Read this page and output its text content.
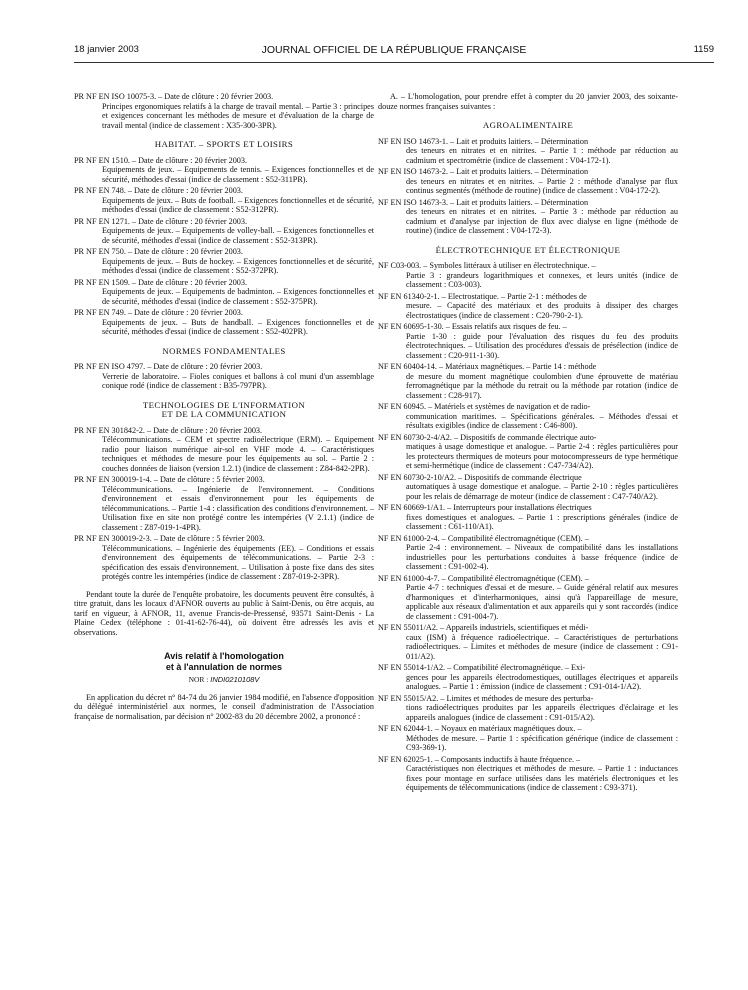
18 janvier 2003	JOURNAL OFFICIEL DE LA RÉPUBLIQUE FRANÇAISE	1159
PR NF EN ISO 10075-3. – Date de clôture : 20 février 2003.
Principes ergonomiques relatifs à la charge de travail mental. – Partie 3 : principes et exigences concernant les méthodes de mesure et d'évaluation de la charge de travail mental (indice de classement : X35-300-3PR).
HABITAT. – SPORTS ET LOISIRS
PR NF EN 1510. – Date de clôture : 20 février 2003.
Equipements de jeux. – Equipements de tennis. – Exigences fonctionnelles et de sécurité, méthodes d'essai (indice de classement : S52-311PR).
PR NF EN 748. – Date de clôture : 20 février 2003.
Equipements de jeux. – Buts de football. – Exigences fonctionnelles et de sécurité, méthodes d'essai (indice de classement : S52-312PR).
PR NF EN 1271. – Date de clôture : 20 février 2003.
Equipements de jeux. – Equipements de volley-ball. – Exigences fonctionnelles et de sécurité, méthodes d'essai (indice de classement : S52-313PR).
PR NF EN 750. – Date de clôture : 20 février 2003.
Equipements de jeux. – Buts de hockey. – Exigences fonctionnelles et de sécurité, méthodes d'essai (indice de classement : S52-372PR).
PR NF EN 1509. – Date de clôture : 20 février 2003.
Equipements de jeux. – Equipements de badminton. – Exigences fonctionnelles et de sécurité, méthodes d'essai (indice de classement : S52-375PR).
PR NF EN 749. – Date de clôture : 20 février 2003.
Equipements de jeux. – Buts de handball. – Exigences fonctionnelles et de sécurité, méthodes d'essai (indice de classement : S52-402PR).
NORMES FONDAMENTALES
PR NF EN ISO 4797. – Date de clôture : 20 février 2003.
Verrerie de laboratoire. – Fioles coniques et ballons à col muni d'un assemblage conique rodé (indice de classement : B35-797PR).
TECHNOLOGIES DE L'INFORMATION
ET DE LA COMMUNICATION
PR NF EN 301842-2. – Date de clôture : 20 février 2003.
Télécommunications. – CEM et spectre radioélectrique (ERM). – Equipement radio pour liaison numérique air-sol en VHF mode 4. – Caractéristiques techniques et méthodes de mesure pour les équipements au sol. – Partie 2 : couches données de liaison (version 1.2.1) (indice de classement : Z84-842-2PR).
PR NF EN 300019-1-4. – Date de clôture : 5 février 2003.
Télécommunications. – Ingénierie de l'environnement. – Conditions d'environnement et essais d'environnement pour les équipements de télécommunications. – Partie 1-4 : classification des conditions d'environnement. – Utilisation fixe en site non protégé contre les intempéries (V 2.1.1) (indice de classement : Z87-019-1-4PR).
PR NF EN 300019-2-3. – Date de clôture : 5 février 2003.
Télécommunications. – Ingénierie des équipements (EE). – Conditions et essais d'environnement des équipements de télécommunications. – Partie 2-3 : spécification des essais d'environnement. – Utilisation à poste fixe dans des sites protégés contre les intempéries (indice de classement : Z87-019-2-3PR).

Pendant toute la durée de l'enquête probatoire, les documents peuvent être consultés, à titre gratuit, dans les locaux d'AFNOR ouverts au public à Saint-Denis, ou être acquis, au tarif en vigueur, à AFNOR, 11, avenue Francis-de-Pressensé, 93571 Saint-Denis - La Plaine Cedex (téléphone : 01-41-62-76-44), où doivent être adressés les avis et observations.

Avis relatif à l'homologation
et à l'annulation de normes
NOR : INDI0210108V

En application du décret n° 84-74 du 26 janvier 1984 modifié, en l'absence d'opposition du délégué interministériel aux normes, le conseil d'administration de l'Association française de normalisation, par décision n° 2002-83 du 20 décembre 2002, a prononcé :

A. – L'homologation, pour prendre effet à compter du 20 janvier 2003, des soixante-douze normes françaises suivantes :

AGROALIMENTAIRE
NF EN ISO 14673-1. – Lait et produits laitiers. – Détermination
des teneurs en nitrates et en nitrites. – Partie 1 : méthode par réduction au cadmium et spectrométrie (indice de classement : V04-172-1).
NF EN ISO 14673-2. – Lait et produits laitiers. – Détermination
des teneurs en nitrates et en nitrites. – Partie 2 : méthode d'analyse par flux continus segmentés (méthode de routine) (indice de classement : V04-172-2).
NF EN ISO 14673-3. – Lait et produits laitiers. – Détermination
des teneurs en nitrates et en nitrites. – Partie 3 : méthode par réduction au cadmium et d'analyse par injection de flux avec dialyse en ligne (méthode de routine) (indice de classement : V04-172-3).
ÉLECTROTECHNIQUE ET ÉLECTRONIQUE
NF C03-003. – Symboles littéraux à utiliser en électrotechnique. –
Partie 3 : grandeurs logarithmiques et connexes, et leurs unités (indice de classement : C03-003).
NF EN 61340-2-1. – Electrostatique. – Partie 2-1 : méthodes de
mesure. – Capacité des matériaux et des produits à dissiper des charges électrostatiques (indice de classement : C20-790-2-1).
NF EN 60695-1-30. – Essais relatifs aux risques de feu. –
Partie 1-30 : guide pour l'évaluation des risques du feu des produits électrotechniques. – Utilisation des procédures d'essais de présélection (indice de classement : C20-911-1-30).
NF EN 60404-14. – Matériaux magnétiques. – Partie 14 : méthode
de mesure du moment magnétique coulombien d'une éprouvette de matériau ferromagnétique par la méthode du retrait ou la méthode par rotation (indice de classement : C28-917).
NF EN 60945. – Matériels et systèmes de navigation et de radio-
communication maritimes. – Spécifications générales. – Méthodes d'essai et résultats exigibles (indice de classement : C46-800).
NF EN 60730-2-4/A2. – Dispositifs de commande électrique auto-
matiques à usage domestique et analogue. – Partie 2-4 : règles particulières pour les protecteurs thermiques de moteurs pour motocompresseurs de type hermétique et semi-hermétique (indice de classement : C47-734/A2).
NF EN 60730-2-10/A2. – Dispositifs de commande électrique
automatiques à usage domestique et analogue. – Partie 2-10 : règles particulières pour les relais de démarrage de moteur (indice de classement : C47-740/A2).
NF EN 60669-1/A1. – Interrupteurs pour installations électriques
fixes domestiques et analogues. – Partie 1 : prescriptions générales (indice de classement : C61-110/A1).
NF EN 61000-2-4. – Compatibilité électromagnétique (CEM). –
Partie 2-4 : environnement. – Niveaux de compatibilité dans les installations industrielles pour les perturbations conduites à basse fréquence (indice de classement : C91-002-4).
NF EN 61000-4-7. – Compatibilité électromagnétique (CEM). –
Partie 4-7 : techniques d'essai et de mesure. – Guide général relatif aux mesures d'harmoniques et d'interharmoniques, ainsi qu'à l'appareillage de mesure, applicable aux réseaux d'alimentation et aux appareils qui y sont raccordés (indice de classement : C91-004-7).
NF EN 55011/A2. – Appareils industriels, scientifiques et médi-
caux (ISM) à fréquence radioélectrique. – Caractéristiques de perturbations radioélectriques. – Limites et méthodes de mesure (indice de classement : C91-011/A2).
NF EN 55014-1/A2. – Compatibilité électromagnétique. – Exi-
gences pour les appareils électrodomestiques, outillages électriques et appareils analogues. – Partie 1 : émission (indice de classement : C91-014-1/A2).
NF EN 55015/A2. – Limites et méthodes de mesure des perturba-
tions radioélectriques produites par les appareils électriques d'éclairage et les appareils analogues (indice de classement : C91-015/A2).
NF EN 62044-1. – Noyaux en matériaux magnétiques doux. –
Méthodes de mesure. – Partie 1 : spécification générique (indice de classement : C93-369-1).
NF EN 62025-1. – Composants inductifs à haute fréquence. –
Caractéristiques non électriques et méthodes de mesure. – Partie 1 : inductances fixes pour montage en surface utilisées dans les matériels électroniques et les équipements de télécommunications (indice de classement : C93-371).
